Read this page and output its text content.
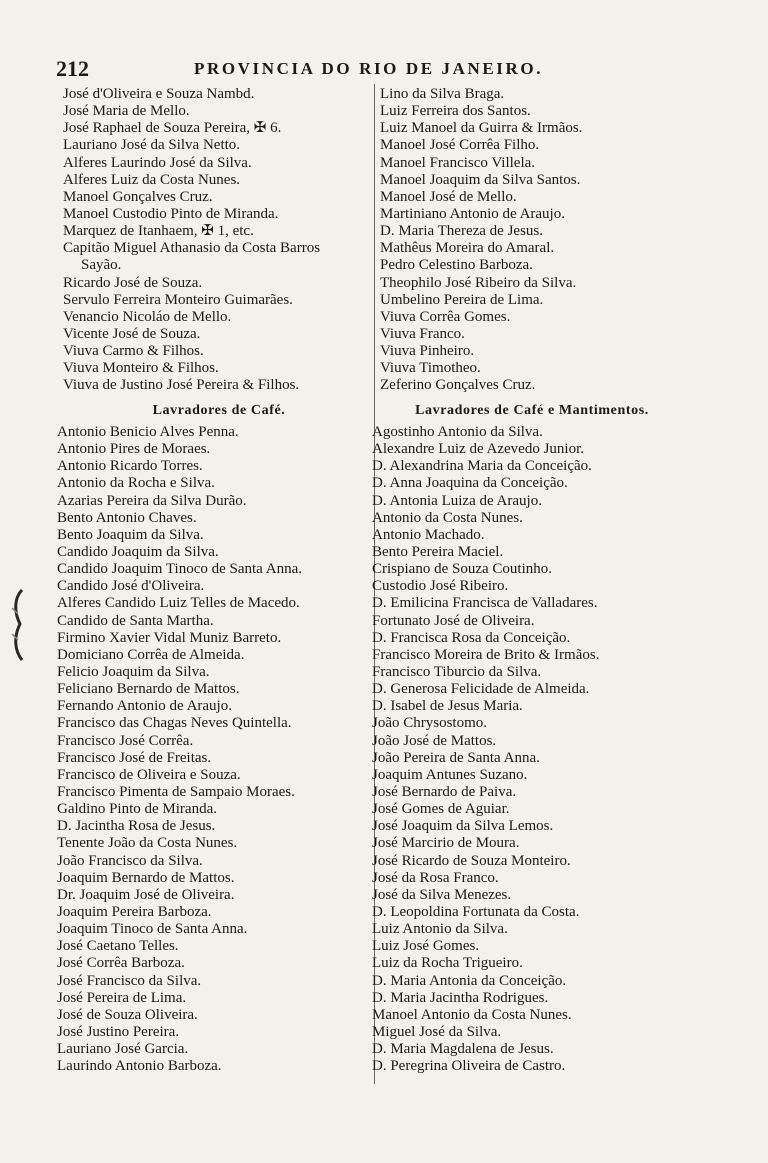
212	PROVINCIA DO RIO DE JANEIRO.
José d'Oliveira e Souza Nambd.
José Maria de Mello.
José Raphael de Souza Pereira, ✠ 6.
Lauriano José da Silva Netto.
Alferes Laurindo José da Silva.
Alferes Luiz da Costa Nunes.
Manoel Gonçalves Cruz.
Manoel Custodio Pinto de Miranda.
Marquez de Itanhaem, ✠ 1, etc.
Capitão Miguel Athanasio da Costa Barros
Sayão.
Ricardo José de Souza.
Servulo Ferreira Monteiro Guimarães.
Venancio Nicoláo de Mello.
Vicente José de Souza.
Viuva Carmo & Filhos.
Viuva Monteiro & Filhos.
Viuva de Justino José Pereira & Filhos.
Lavradores de Café.
Lino da Silva Braga.
Luiz Ferreira dos Santos.
Luiz Manoel da Guirra & Irmãos.
Manoel José Corrêa Filho.
Manoel Francisco Villela.
Manoel Joaquim da Silva Santos.
Manoel José de Mello.
Martiniano Antonio de Araujo.
D. Maria Thereza de Jesus.
Mathêus Moreira do Amaral.
Pedro Celestino Barboza.
Theophilo José Ribeiro da Silva.
Umbelino Pereira de Lima.
Viuva Corrêa Gomes.
Viuva Franco.
Viuva Pinheiro.
Viuva Timotheo.
Zeferino Gonçalves Cruz.
Lavradores de Café e Mantimentos.
Antonio Benicio Alves Penna.
Antonio Pires de Moraes.
Antonio Ricardo Torres.
Antonio da Rocha e Silva.
Azarias Pereira da Silva Durão.
Bento Antonio Chaves.
Bento Joaquim da Silva.
Candido Joaquim da Silva.
Candido Joaquim Tinoco de Santa Anna.
Candido José d'Oliveira.
Alferes Candido Luiz Telles de Macedo.
Candido de Santa Martha.
Firmino Xavier Vidal Muniz Barreto.
Domiciano Corrêa de Almeida.
Felicio Joaquim da Silva.
Feliciano Bernardo de Mattos.
Fernando Antonio de Araujo.
Francisco das Chagas Neves Quintella.
Francisco José Corrêa.
Francisco José de Freitas.
Francisco de Oliveira e Souza.
Francisco Pimenta de Sampaio Moraes.
Galdino Pinto de Miranda.
D. Jacintha Rosa de Jesus.
Tenente João da Costa Nunes.
João Francisco da Silva.
Joaquim Bernardo de Mattos.
Dr. Joaquim José de Oliveira.
Joaquim Pereira Barboza.
Joaquim Tinoco de Santa Anna.
José Caetano Telles.
José Corrêa Barboza.
José Francisco da Silva.
José Pereira de Lima.
José de Souza Oliveira.
José Justino Pereira.
Lauriano José Garcia.
Laurindo Antonio Barboza.
Agostinho Antonio da Silva.
Alexandre Luiz de Azevedo Junior.
D. Alexandrina Maria da Conceição.
D. Anna Joaquina da Conceição.
D. Antonia Luiza de Araujo.
Antonio da Costa Nunes.
Antonio Machado.
Bento Pereira Maciel.
Crispiano de Souza Coutinho.
Custodio José Ribeiro.
D. Emilicina Francisca de Valladares.
Fortunato José de Oliveira.
D. Francisca Rosa da Conceição.
Francisco Moreira de Brito & Irmãos.
Francisco Tiburcio da Silva.
D. Generosa Felicidade de Almeida.
D. Isabel de Jesus Maria.
João Chrysostomo.
João José de Mattos.
João Pereira de Santa Anna.
Joaquim Antunes Suzano.
José Bernardo de Paiva.
José Gomes de Aguiar.
José Joaquim da Silva Lemos.
José Marcirio de Moura.
José Ricardo de Souza Monteiro.
José da Rosa Franco.
José da Silva Menezes.
D. Leopoldina Fortunata da Costa.
Luiz Antonio da Silva.
Luiz José Gomes.
Luiz da Rocha Trigueiro.
D. Maria Antonia da Conceição.
D. Maria Jacintha Rodrigues.
Manoel Antonio da Costa Nunes.
Miguel José da Silva.
D. Maria Magdalena de Jesus.
D. Peregrina Oliveira de Castro.
